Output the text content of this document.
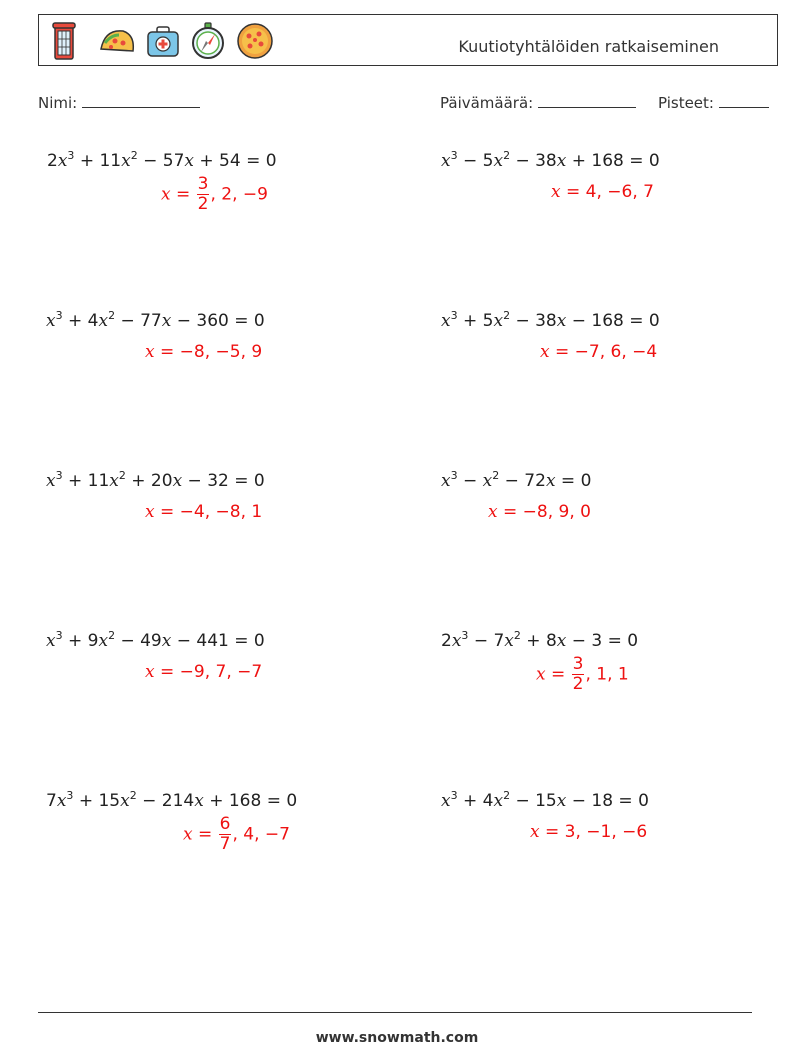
Kuutiotyhtälöiden ratkaiseminen
Nimi:	Päivämäärä:	Pisteet:
$2x^3 + 11x^2 - 57x + 54 = 0$
$x = \frac{3}{2}$ , 2, −9
$x^3 - 5x^2 - 38x + 168 = 0$
x = 4, −6, 7
$x^3 + 4x^2 - 77x - 360 = 0$
x = −8, −5, 9
$x^3 + 5x^2 - 38x - 168 = 0$
x = −7, 6, −4
$x^3 + 11x^2 + 20x - 32 = 0$
x = −4, −8, 1
$x^3 - x^2 - 72x = 0$
x = −8, 9, 0
$x^3 + 9x^2 - 49x - 441 = 0$
x = −9, 7, −7
$2x^3 - 7x^2 + 8x - 3 = 0$
$x = \frac{3}{2}$ , 1, 1
$7x^3 + 15x^2 - 214x + 168 = 0$
$x = \frac{6}{7}$ , 4, −7
$x^3 + 4x^2 - 15x - 18 = 0$
x = 3, −1, −6
www.snowmath.com
